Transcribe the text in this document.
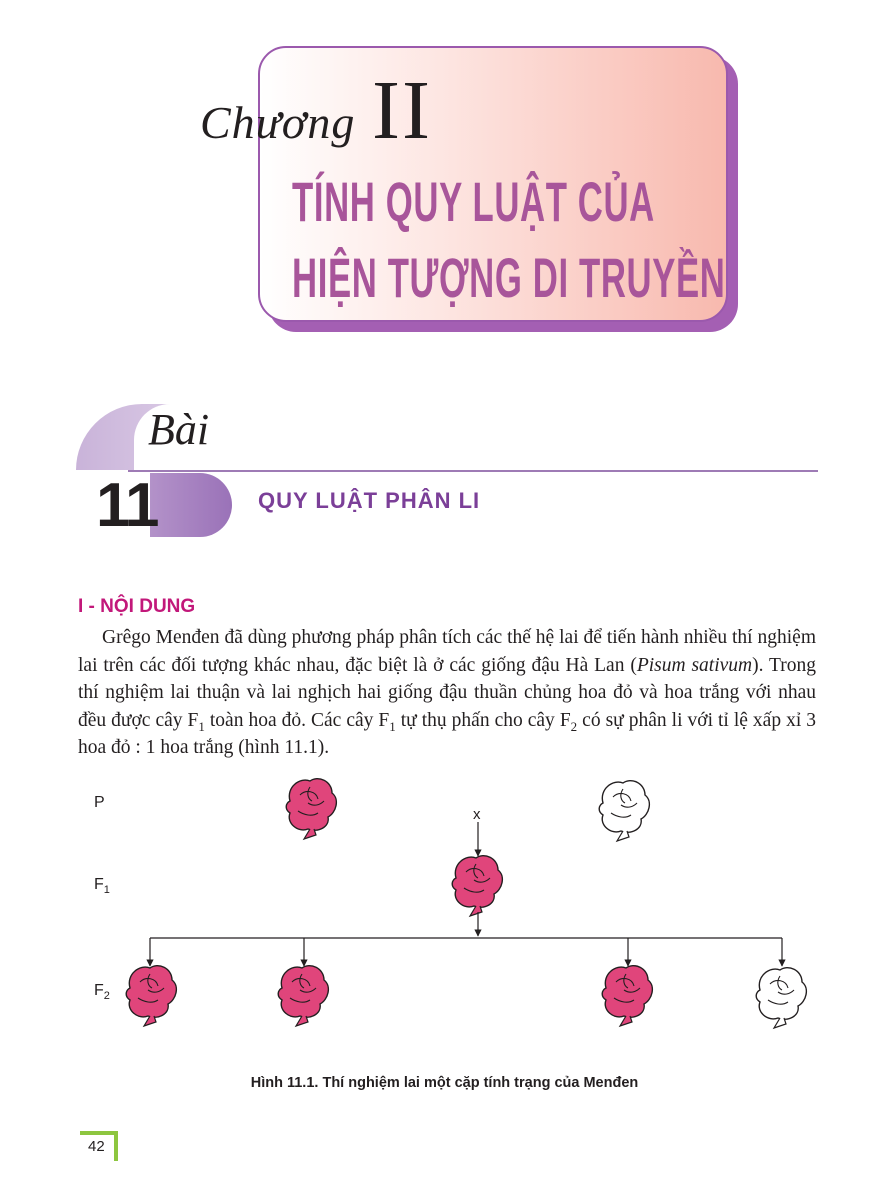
Chương II
TÍNH QUY LUẬT CỦA
HIỆN TƯỢNG DI TRUYỀN
Bài
11	QUY LUẬT PHÂN LI
I - NỘI DUNG
Grêgo Menđen đã dùng phương pháp phân tích các thế hệ lai để tiến hành nhiều thí nghiệm lai trên các đối tượng khác nhau, đặc biệt là ở các giống đậu Hà Lan (Pisum sativum). Trong thí nghiệm lai thuận và lai nghịch hai giống đậu thuần chủng hoa đỏ và hoa trắng với nhau đều được cây $F_1$ toàn hoa đỏ. Các cây $F_1$ tự thụ phấn cho cây $F_2$ có sự phân li với tỉ lệ xấp xỉ 3 hoa đỏ : 1 hoa trắng (hình 11.1).
P
$F_1$
$F_2$
x
Hình 11.1. Thí nghiệm lai một cặp tính trạng của Menđen
42
